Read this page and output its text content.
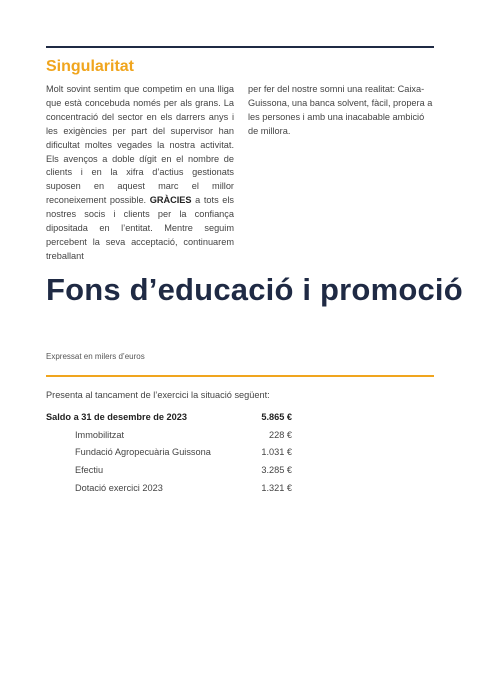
Singularitat

Molt sovint sentim que competim en una lliga que està concebuda només per als grans. La concentració del sector en els darrers anys i les exigències per part del supervisor han dificultat moltes vegades la nostra activitat. Els avenços a doble dígit en el nombre de clients i en la xifra d’actius gestionats suposen en aquest marc el millor reconeixement possible. GRÀCIES a tots els nostres socis i clients per la confiança dipositada en l’entitat. Mentre seguim percebent la seva acceptació, continuarem treballant

per fer del nostre somni una realitat: Caixa-Guissona, una banca solvent, fàcil, propera a les persones i amb una inacabable ambició de millora.

Fons d’educació i promoció
Expressat en milers d’euros
Presenta al tancament de l’exercici la situació següent:
Saldo a 31 de desembre de 2023	5.865 €
Immobilitzat	228 €
Fundació Agropecuària Guissona	1.031 €
Efectiu	3.285 €
Dotació exercici 2023	1.321 €
